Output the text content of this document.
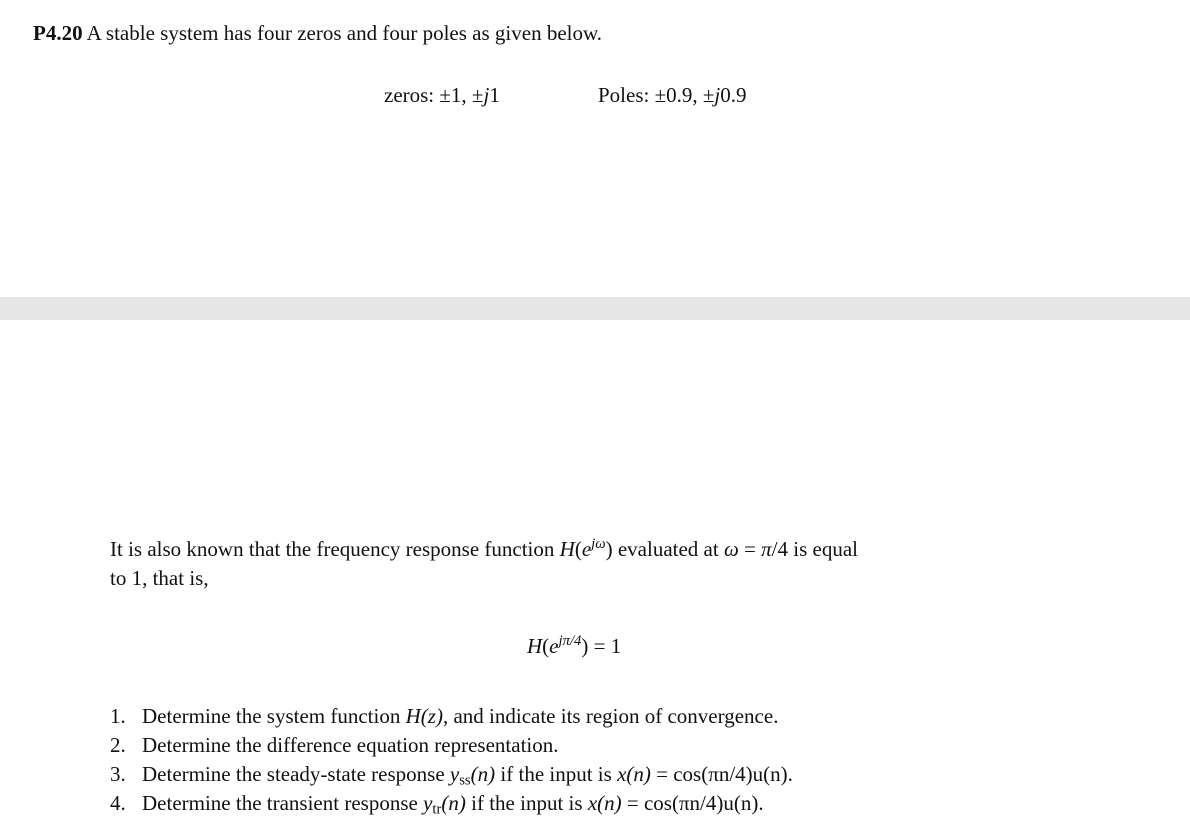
P4.20 A stable system has four zeros and four poles as given below.
zeros: ±1, ±j1	Poles: ±0.9, ±j0.9
It is also known that the frequency response function $H(e^{j\omega})$ evaluated at ω = π/4 is equal
to 1, that is,
$H(e^{j\pi/4}) = 1$
1. Determine the system function H(z), and indicate its region of convergence.
2. Determine the difference equation representation.
3. Determine the steady-state response $y_{ss}(n)$ if the input is x(n) = cos(πn/4)u(n).
4. Determine the transient response $y_{tr}(n)$ if the input is x(n) = cos(πn/4)u(n).
